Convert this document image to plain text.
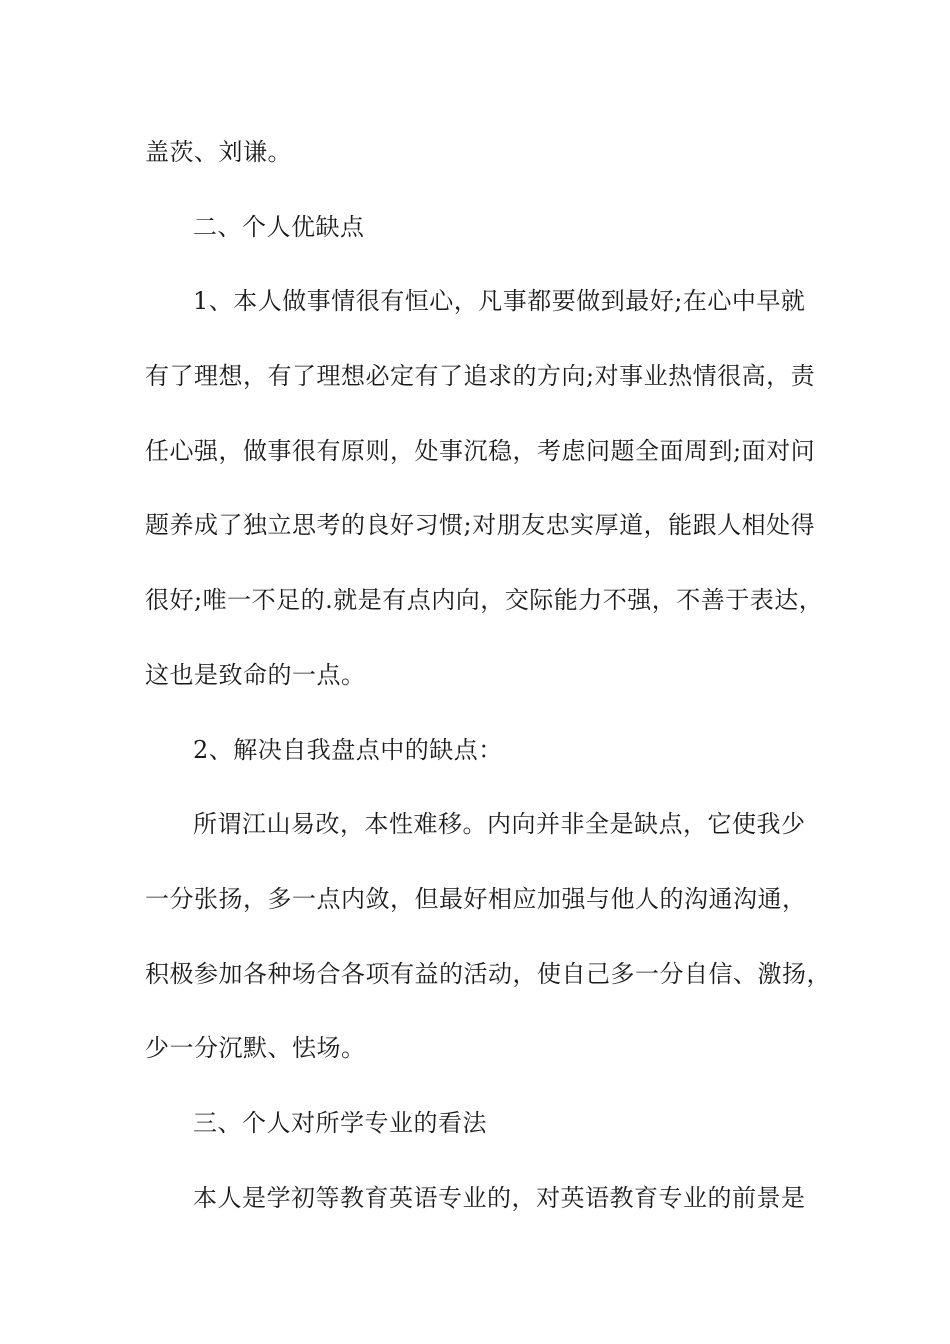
盖茨、刘谦。
二、个人优缺点
1、本人做事情很有恒心，凡事都要做到最好;在心中早就
有了理想，有了理想必定有了追求的方向;对事业热情很高，责
任心强，做事很有原则，处事沉稳，考虑问题全面周到;面对问
题养成了独立思考的良好习惯;对朋友忠实厚道，能跟人相处得
很好;唯一不足的.就是有点内向，交际能力不强，不善于表达，
这也是致命的一点。
2、解决自我盘点中的缺点：
所谓江山易改，本性难移。内向并非全是缺点，它使我少
一分张扬，多一点内敛，但最好相应加强与他人的沟通沟通，
积极参加各种场合各项有益的活动，使自己多一分自信、激扬，
少一分沉默、怯场。
三、个人对所学专业的看法
本人是学初等教育英语专业的，对英语教育专业的前景是
